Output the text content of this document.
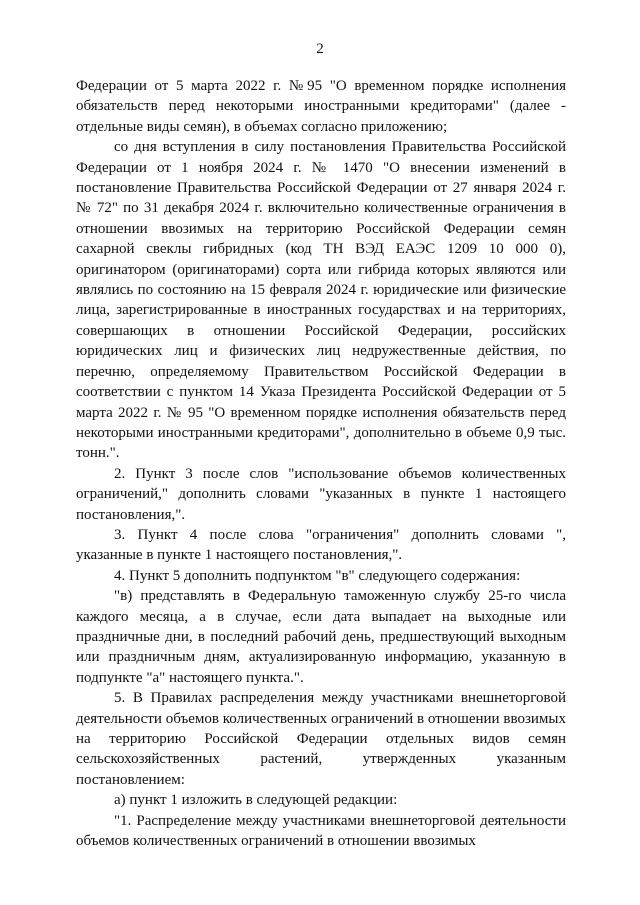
2

Федерации от 5 марта 2022 г. №95 "О временном порядке исполнения обязательств перед некоторыми иностранными кредиторами" (далее - отдельные виды семян), в объемах согласно приложению;

со дня вступления в силу постановления Правительства Российской Федерации от 1 ноября 2024 г. № 1470 "О внесении изменений в постановление Правительства Российской Федерации от 27 января 2024 г. № 72" по 31 декабря 2024 г. включительно количественные ограничения в отношении ввозимых на территорию Российской Федерации семян сахарной свеклы гибридных (код ТН ВЭД ЕАЭС 1209 10 000 0), оригинатором (оригинаторами) сорта или гибрида которых являются или являлись по состоянию на 15 февраля 2024 г. юридические или физические лица, зарегистрированные в иностранных государствах и на территориях, совершающих в отношении Российской Федерации, российских юридических лиц и физических лиц недружественные действия, по перечню, определяемому Правительством Российской Федерации в соответствии с пунктом 14 Указа Президента Российской Федерации от 5 марта 2022 г. № 95 "О временном порядке исполнения обязательств перед некоторыми иностранными кредиторами", дополнительно в объеме 0,9 тыс. тонн.".

2. Пункт 3 после слов "использование объемов количественных ограничений," дополнить словами "указанных в пункте 1 настоящего постановления,".

3. Пункт 4 после слова "ограничения" дополнить словами ", указанные в пункте 1 настоящего постановления,".

4. Пункт 5 дополнить подпунктом "в" следующего содержания:

"в) представлять в Федеральную таможенную службу 25-го числа каждого месяца, а в случае, если дата выпадает на выходные или праздничные дни, в последний рабочий день, предшествующий выходным или праздничным дням, актуализированную информацию, указанную в подпункте "а" настоящего пункта.".

5. В Правилах распределения между участниками внешнеторговой деятельности объемов количественных ограничений в отношении ввозимых на территорию Российской Федерации отдельных видов семян сельскохозяйственных растений, утвержденных указанным постановлением:

а) пункт 1 изложить в следующей редакции:

"1. Распределение между участниками внешнеторговой деятельности объемов количественных ограничений в отношении ввозимых
